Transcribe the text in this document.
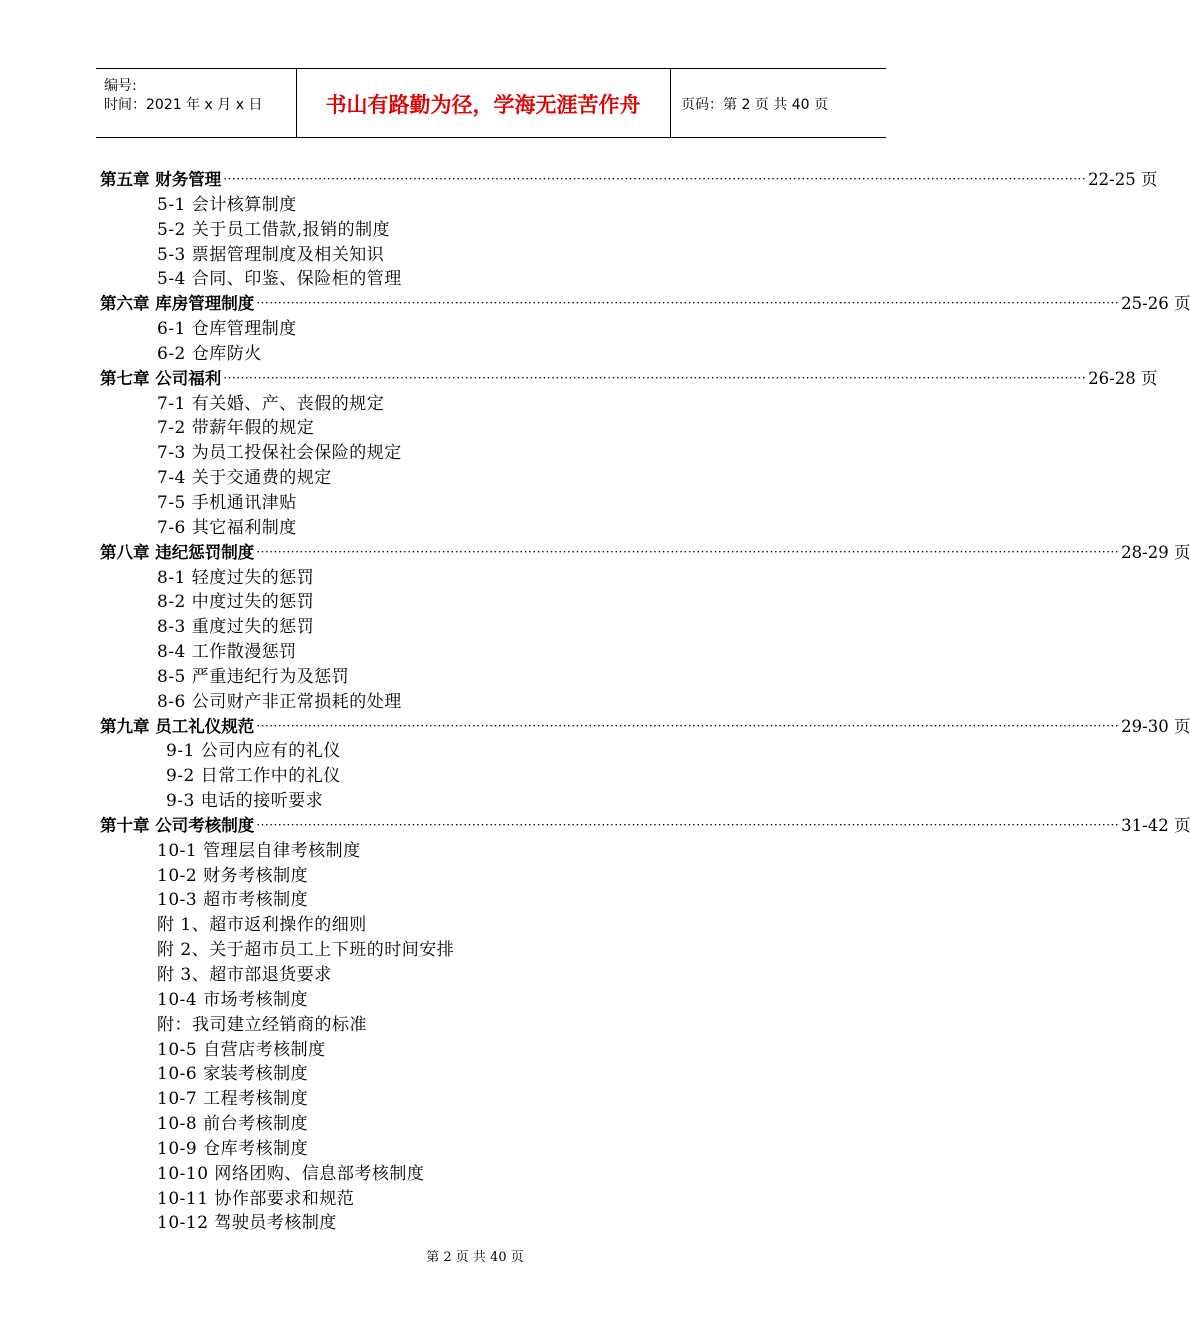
编号:
时间：2021 年 x 月 x 日	书山有路勤为径，学海无涯苦作舟	页码：第 2 页 共 40 页
第五章 财务管理 ········································································································································································································ 22-25 页
5-1 会计核算制度
5-2 关于员工借款,报销的制度
5-3 票据管理制度及相关知识
5-4 合同、印鉴、保险柜的管理
第六章 库房管理制度 ········································································································································································································ 25-26 页
6-1 仓库管理制度
6-2 仓库防火
第七章 公司福利 ········································································································································································································ 26-28 页
7-1 有关婚、产、丧假的规定
7-2 带薪年假的规定
7-3 为员工投保社会保险的规定
7-4 关于交通费的规定
7-5 手机通讯津贴
7-6 其它福利制度
第八章 违纪惩罚制度 ········································································································································································································ 28-29 页
8-1 轻度过失的惩罚
8-2 中度过失的惩罚
8-3 重度过失的惩罚
8-4 工作散漫惩罚
8-5 严重违纪行为及惩罚
8-6 公司财产非正常损耗的处理
第九章 员工礼仪规范 ········································································································································································································ 29-30 页
9-1 公司内应有的礼仪
9-2 日常工作中的礼仪
9-3 电话的接听要求
第十章 公司考核制度 ········································································································································································································ 31-42 页
10-1 管理层自律考核制度
10-2 财务考核制度
10-3 超市考核制度
附 1、超市返利操作的细则
附 2、关于超市员工上下班的时间安排
附 3、超市部退货要求
10-4 市场考核制度
附：我司建立经销商的标准
10-5 自营店考核制度
10-6 家装考核制度
10-7 工程考核制度
10-8 前台考核制度
10-9 仓库考核制度
10-10 网络团购、信息部考核制度
10-11 协作部要求和规范
10-12 驾驶员考核制度
第 2 页 共 40 页
